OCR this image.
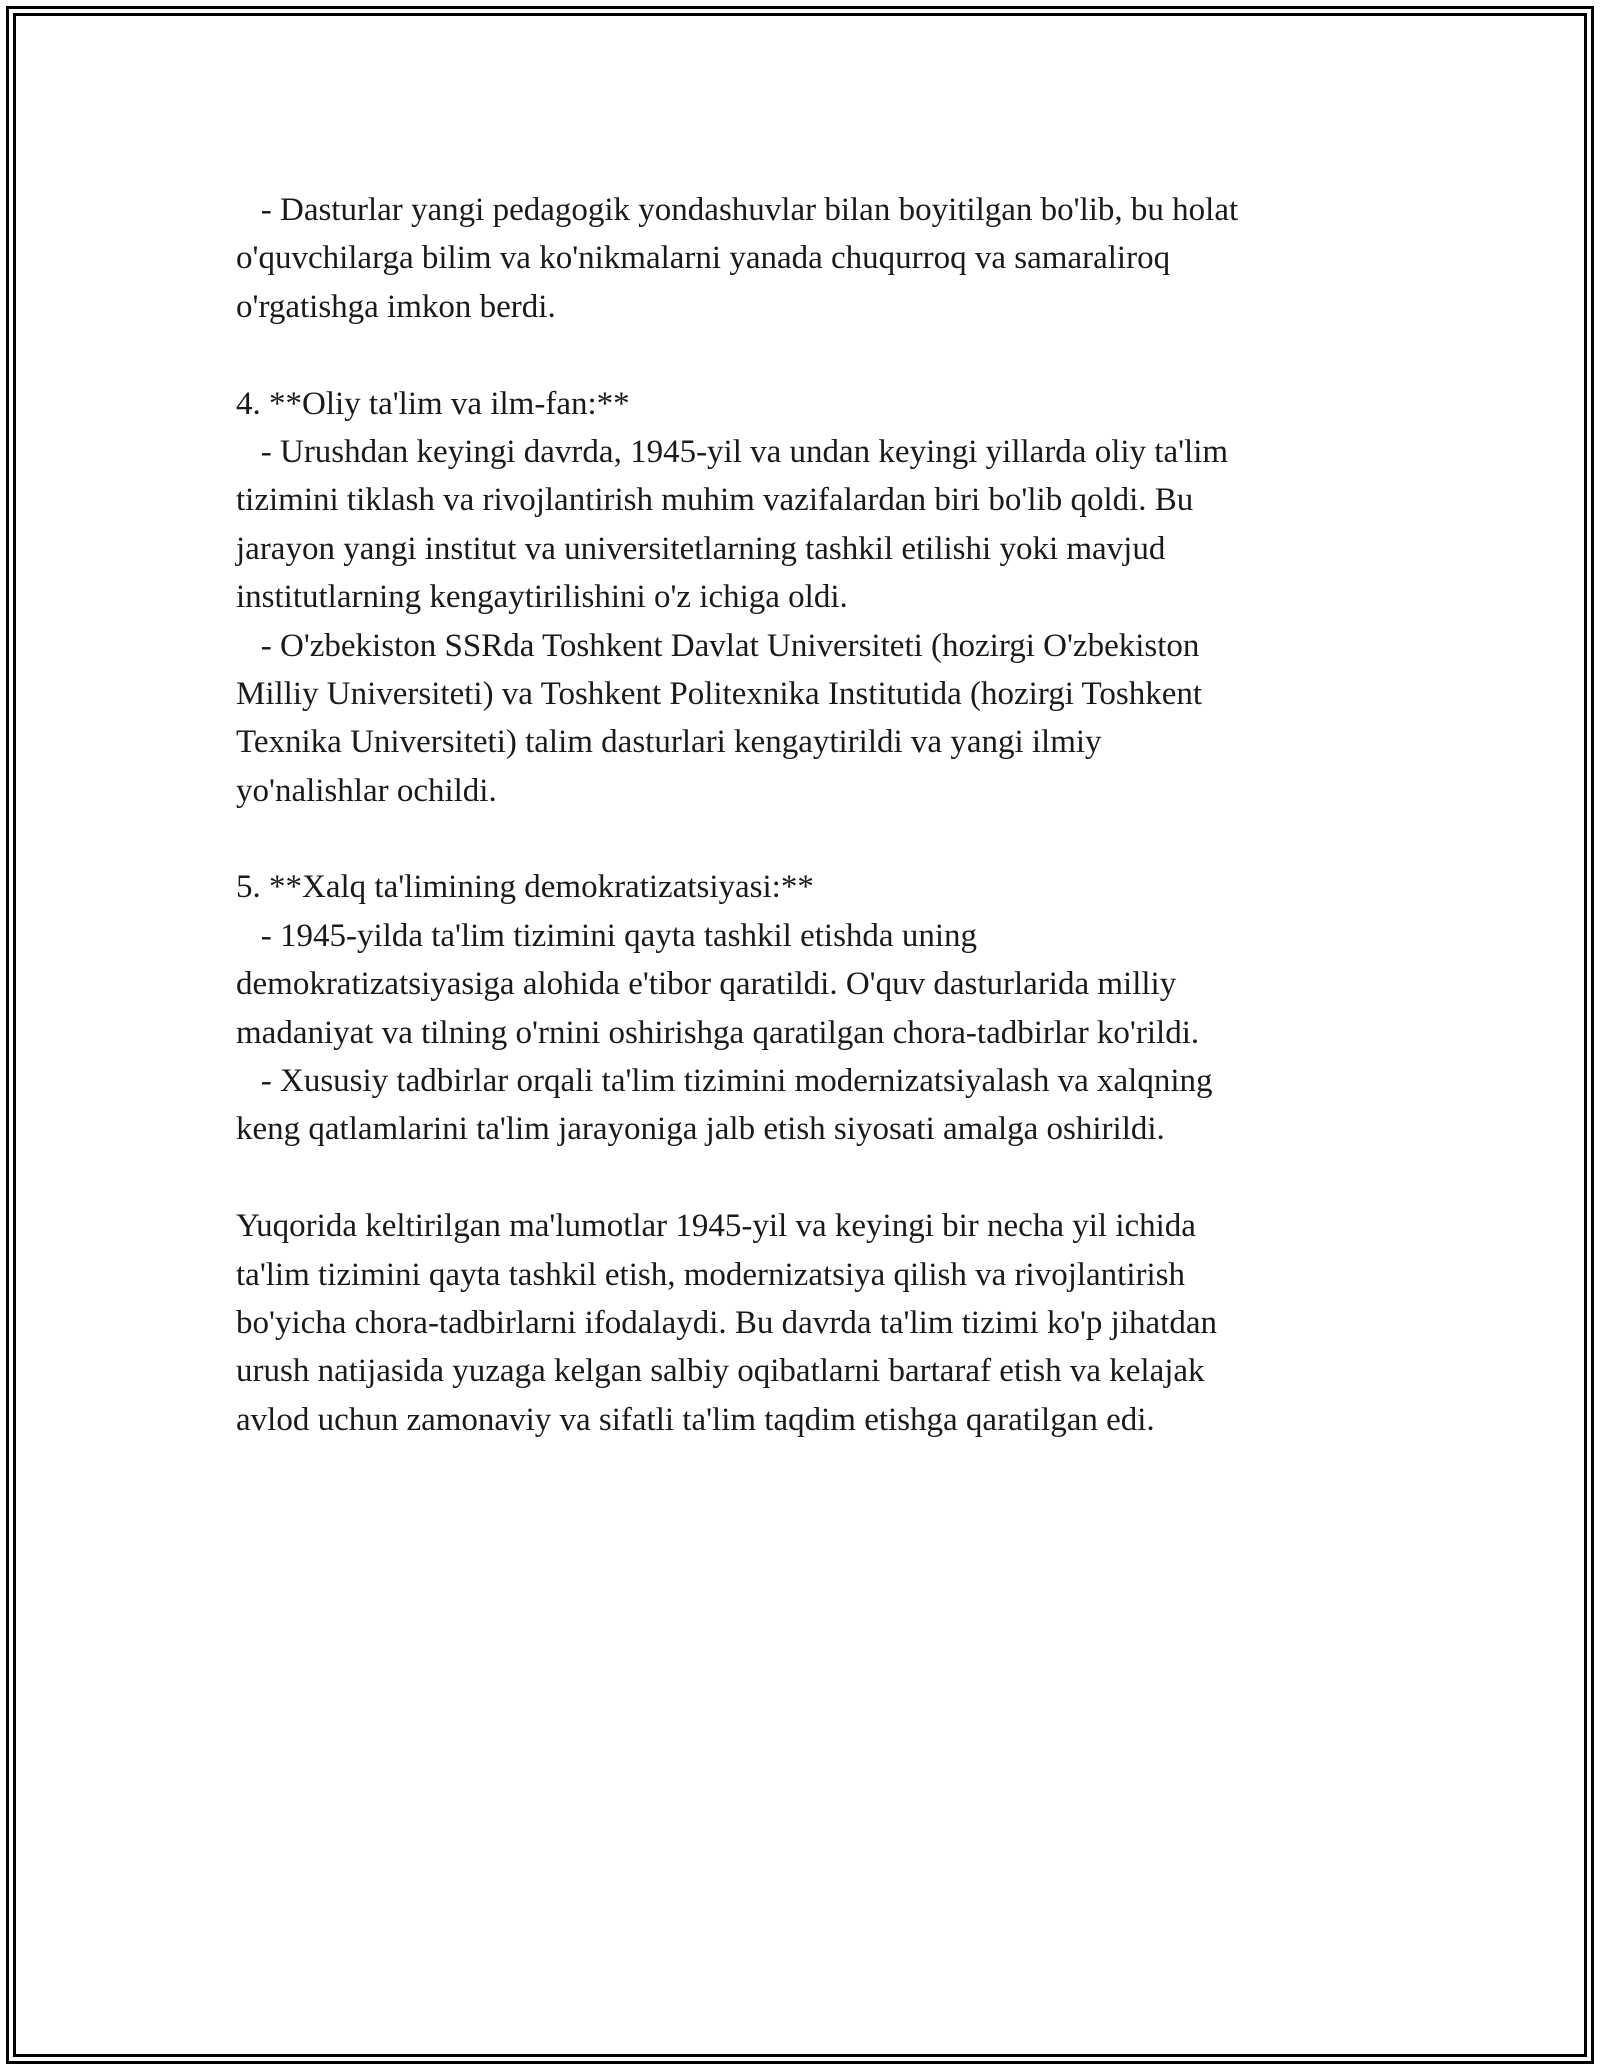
- Dasturlar yangi pedagogik yondashuvlar bilan boyitilgan bo'lib, bu holat
o'quvchilarga bilim va ko'nikmalarni yanada chuqurroq va samaraliroq
o'rgatishga imkon berdi.
4. **Oliy ta'lim va ilm-fan:**
- Urushdan keyingi davrda, 1945-yil va undan keyingi yillarda oliy ta'lim
tizimini tiklash va rivojlantirish muhim vazifalardan biri bo'lib qoldi. Bu
jarayon yangi institut va universitetlarning tashkil etilishi yoki mavjud
institutlarning kengaytirilishini o'z ichiga oldi.
- O'zbekiston SSRda Toshkent Davlat Universiteti (hozirgi O'zbekiston
Milliy Universiteti) va Toshkent Politexnika Institutida (hozirgi Toshkent
Texnika Universiteti) talim dasturlari kengaytirildi va yangi ilmiy
yo'nalishlar ochildi.
5. **Xalq ta'limining demokratizatsiyasi:**
- 1945-yilda ta'lim tizimini qayta tashkil etishda uning
demokratizatsiyasiga alohida e'tibor qaratildi. O'quv dasturlarida milliy
madaniyat va tilning o'rnini oshirishga qaratilgan chora-tadbirlar ko'rildi.
- Xususiy tadbirlar orqali ta'lim tizimini modernizatsiyalash va xalqning
keng qatlamlarini ta'lim jarayoniga jalb etish siyosati amalga oshirildi.
Yuqorida keltirilgan ma'lumotlar 1945-yil va keyingi bir necha yil ichida
ta'lim tizimini qayta tashkil etish, modernizatsiya qilish va rivojlantirish
bo'yicha chora-tadbirlarni ifodalaydi. Bu davrda ta'lim tizimi ko'p jihatdan
urush natijasida yuzaga kelgan salbiy oqibatlarni bartaraf etish va kelajak
avlod uchun zamonaviy va sifatli ta'lim taqdim etishga qaratilgan edi.
